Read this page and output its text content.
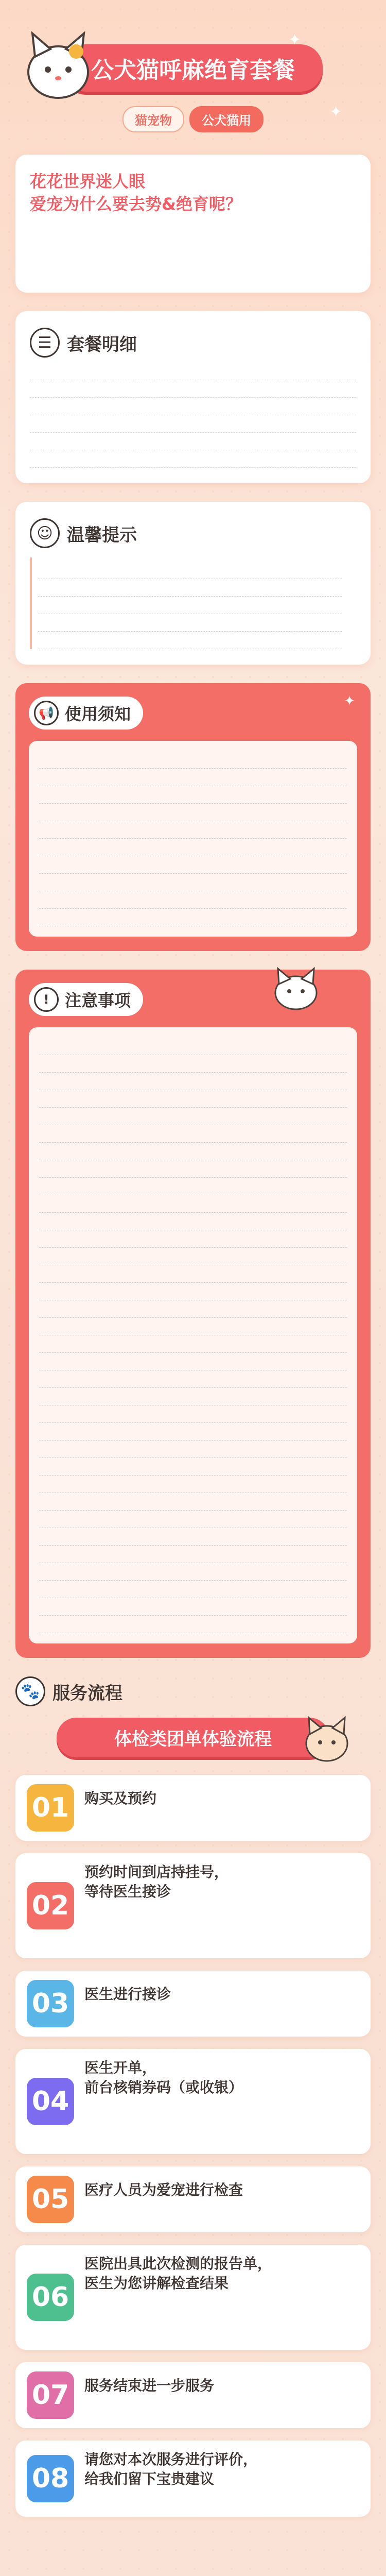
✦
✦
公犬猫呼麻绝育套餐
猫宠物	公犬猫用
花花世界迷人眼
爱宠为什么要去势&绝育呢？
☰ 套餐明细
☺ 温馨提示
✦
📢 使用须知
! 注意事项
🐾 服务流程
体检类团单体验流程
01	购买及预约
02
预约时间到店持挂号，
等待医生接诊
03	医生进行接诊
04
医生开单，
前台核销券码（或收银）
05	医疗人员为爱宠进行检查
06
医院出具此次检测的报告单，
医生为您讲解检查结果
07	服务结束进一步服务
08
请您对本次服务进行评价，
给我们留下宝贵建议
